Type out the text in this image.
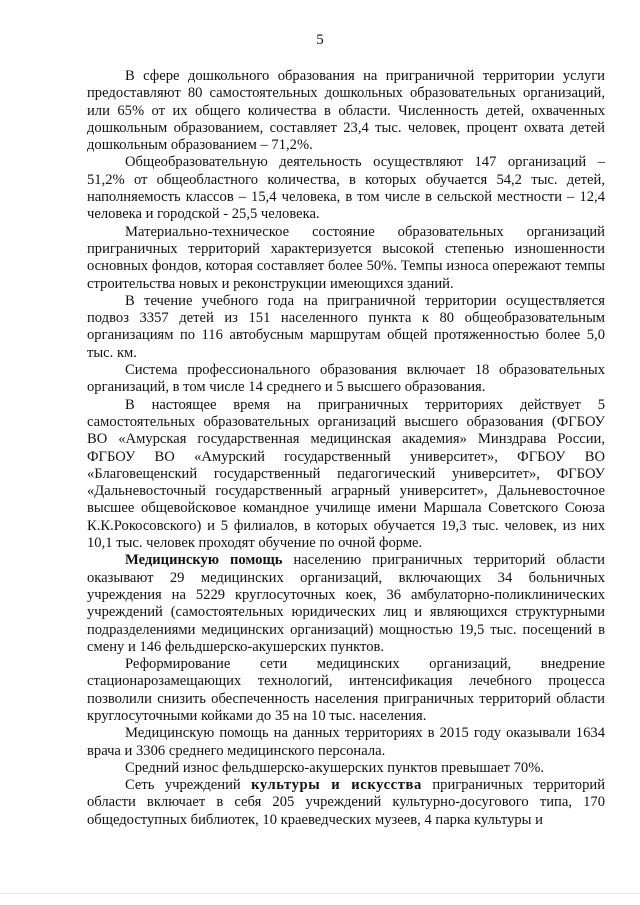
5

В сфере дошкольного образования на приграничной территории услуги предоставляют 80 самостоятельных дошкольных образовательных организаций, или 65% от их общего количества в области. Численность детей, охваченных дошкольным образованием, составляет 23,4 тыс. человек, процент охвата детей дошкольным образованием – 71,2%.

Общеобразовательную деятельность осуществляют 147 организаций – 51,2% от общеобластного количества, в которых обучается 54,2 тыс. детей, наполняемость классов – 15,4 человека, в том числе в сельской местности – 12,4 человека и городской - 25,5 человека.

Материально-техническое состояние образовательных организаций приграничных территорий характеризуется высокой степенью изношенности основных фондов, которая составляет более 50%. Темпы износа опережают темпы строительства новых и реконструкции имеющихся зданий.

В течение учебного года на приграничной территории осуществляется подвоз 3357 детей из 151 населенного пункта к 80 общеобразовательным организациям по 116 автобусным маршрутам общей протяженностью более 5,0 тыс. км.

Система профессионального образования включает 18 образовательных организаций, в том числе 14 среднего и 5 высшего образования.

В настоящее время на приграничных территориях действует 5 самостоятельных образовательных организаций высшего образования (ФГБОУ ВО «Амурская государственная медицинская академия» Минздрава России, ФГБОУ ВО «Амурский государственный университет», ФГБОУ ВО «Благовещенский государственный педагогический университет», ФГБОУ «Дальневосточный государственный аграрный университет», Дальневосточное высшее общевойсковое командное училище имени Маршала Советского Союза К.К.Рокосовского) и 5 филиалов, в которых обучается 19,3 тыс. человек, из них 10,1 тыс. человек проходят обучение по очной форме.

Медицинскую помощь населению приграничных территорий области оказывают 29 медицинских организаций, включающих 34 больничных учреждения на 5229 круглосуточных коек, 36 амбулаторно-поликлинических учреждений (самостоятельных юридических лиц и являющихся структурными подразделениями медицинских организаций) мощностью 19,5 тыс. посещений в смену и 146 фельдшерско-акушерских пунктов.

Реформирование сети медицинских организаций, внедрение стационарозамещающих технологий, интенсификация лечебного процесса позволили снизить обеспеченность населения приграничных территорий области круглосуточными койками до 35 на 10 тыс. населения.

Медицинскую помощь на данных территориях в 2015 году оказывали 1634 врача и 3306 среднего медицинского персонала.

Средний износ фельдшерско-акушерских пунктов превышает 70%.

Сеть учреждений культуры и искусства приграничных территорий области включает в себя 205 учреждений культурно-досугового типа, 170 общедоступных библиотек, 10 краеведческих музеев, 4 парка культуры и
